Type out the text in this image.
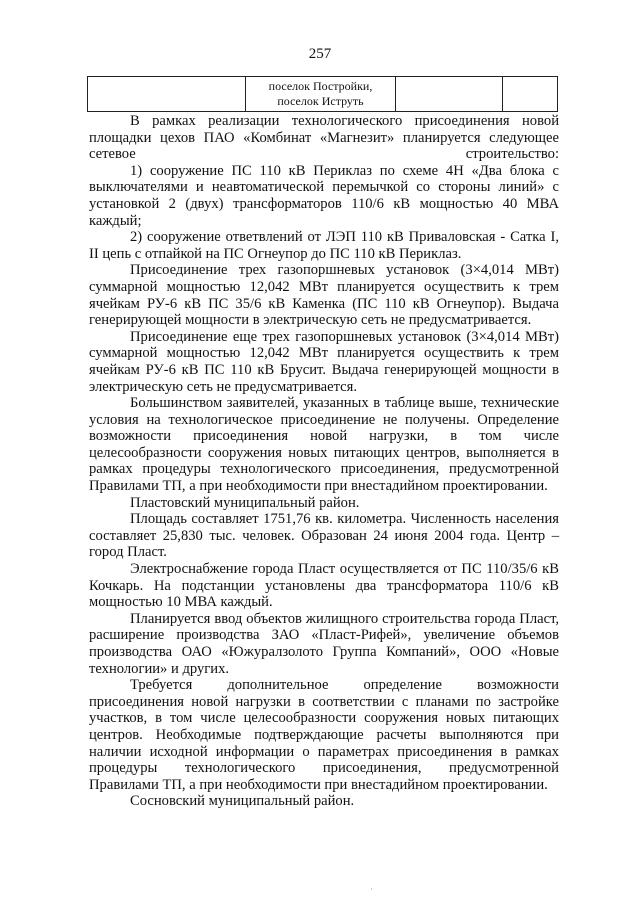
257

поселок Постройки,
поселок Иструть

В рамках реализации технологического присоединения новой площадки цехов ПАО «Комбинат «Магнезит» планируется следующее сетевое строительство:

1) сооружение ПС 110 кВ Периклаз по схеме 4Н «Два блока с выключателями и неавтоматической перемычкой со стороны линий» с установкой 2 (двух) трансформаторов 110/6 кВ мощностью 40 МВА каждый;

2) сооружение ответвлений от ЛЭП 110 кВ Приваловская - Сатка I, II цепь с отпайкой на ПС Огнеупор до ПС 110 кВ Периклаз.

Присоединение трех газопоршневых установок (3×4,014 МВт) суммарной мощностью 12,042 МВт планируется осуществить к трем ячейкам РУ-6 кВ ПС 35/6 кВ Каменка (ПС 110 кВ Огнеупор). Выдача генерирующей мощности в электрическую сеть не предусматривается.

Присоединение еще трех газопоршневых установок (3×4,014 МВт) суммарной мощностью 12,042 МВт планируется осуществить к трем ячейкам РУ-6 кВ ПС 110 кВ Брусит. Выдача генерирующей мощности в электрическую сеть не предусматривается.

Большинством заявителей, указанных в таблице выше, технические условия на технологическое присоединение не получены. Определение возможности присоединения новой нагрузки, в том числе целесообразности сооружения новых питающих центров, выполняется в рамках процедуры технологического присоединения, предусмотренной Правилами ТП, а при необходимости при внестадийном проектировании.

Пластовский муниципальный район.

Площадь составляет 1751,76 кв. километра. Численность населения составляет 25,830 тыс. человек. Образован 24 июня 2004 года. Центр – город Пласт.

Электроснабжение города Пласт осуществляется от ПС 110/35/6 кВ Кочкарь. На подстанции установлены два трансформатора 110/6 кВ мощностью 10 МВА каждый.

Планируется ввод объектов жилищного строительства города Пласт, расширение производства ЗАО «Пласт-Рифей», увеличение объемов производства ОАО «Южуралзолото Группа Компаний», ООО «Новые технологии» и других.

Требуется дополнительное определение возможности присоединения новой нагрузки в соответствии с планами по застройке участков, в том числе целесообразности сооружения новых питающих центров. Необходимые подтверждающие расчеты выполняются при наличии исходной информации о параметрах присоединения в рамках процедуры технологического присоединения, предусмотренной Правилами ТП, а при необходимости при внестадийном проектировании.

Сосновский муниципальный район.

·
